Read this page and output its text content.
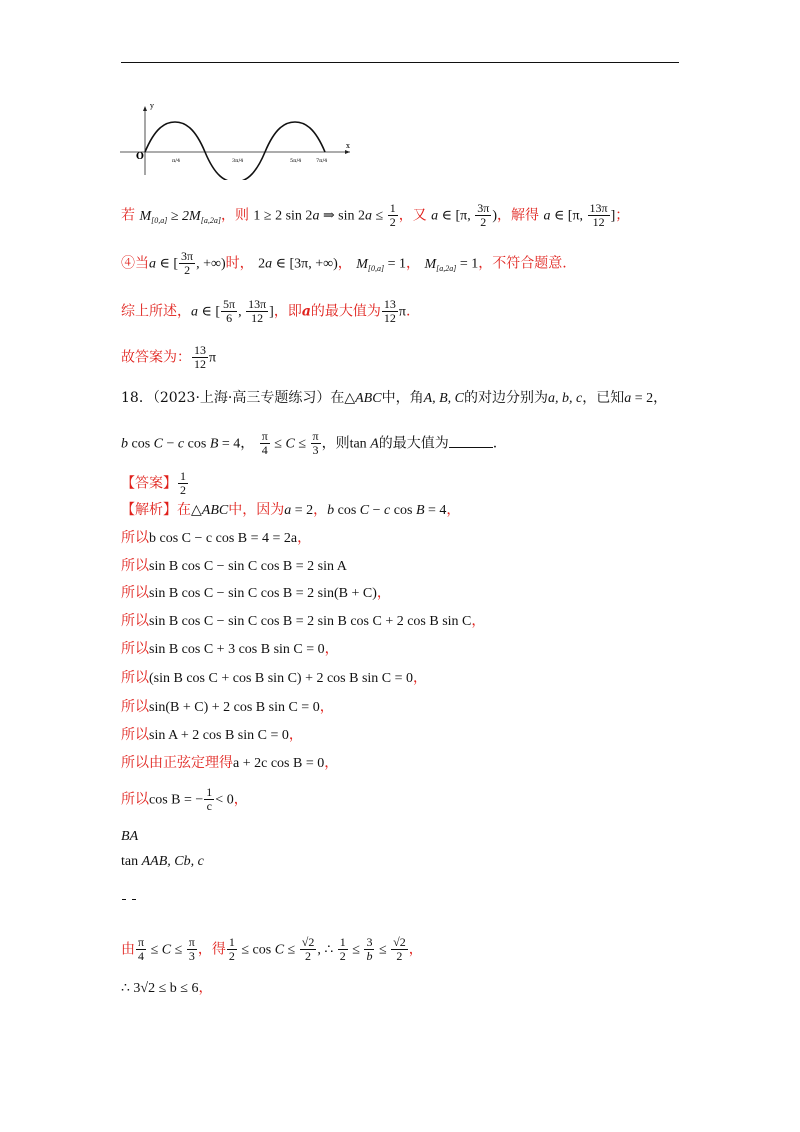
y
x
O	π/4	3π/4	5π/4	7π/4
若 $M_{[0,a]} \ge 2M_{[a,2a]}$，则 1 ≥ 2 sin 2a ⇒ $\sin 2a \le \frac{1}{2}$ ，又 a ∈ [π, $\frac{3\pi}{2}$ )，解得 a ∈ [π, $\frac{13\pi}{12}$ ]；
④当a ∈ [ $\frac{3\pi}{2}$ , +∞)时， 2a ∈ [3π, +∞)， $M_{[0,a]} = 1$， $M_{[a,2a]} = 1$，不符合题意.
综上所述，a ∈ [ $\frac{5\pi}{6}$ , $\frac{13\pi}{12}$ ]，即a的最大值为 $\frac{13}{12} \pi$.
故答案为： $\frac{13}{12}$ π
18．（2023·上海·高三专题练习）在△ABC中，角A, B, C的对边分别为a, b, c，已知a = 2，
b cos C − c cos B = 4， $\frac{\pi}{4} \le C \le \frac{\pi}{3}$ ，则tan A的最大值为	.
【答案】 $\frac{1}{2}$
【解析】在△ABC中，因为a = 2，b cos C − c cos B = 4，
所以b cos C − c cos B = 4 = 2a，
所以sin B cos C − sin C cos B = 2 sin A
所以sin B cos C − sin C cos B = 2 sin(B + C)，
所以sin B cos C − sin C cos B = 2 sin B cos C + 2 cos B sin C，
所以sin B cos C + 3 cos B sin C = 0，
所以(sin B cos C + cos B sin C) + 2 cos B sin C = 0，
所以sin(B + C) + 2 cos B sin C = 0，
所以sin A + 2 cos B sin C = 0，
所以由正弦定理得a + 2c cos B = 0，
所以cos B = − $\frac{1}{c} < 0$，
BA
tan AAB, Cb, c

由 $\frac{\pi}{4} \le C \le \frac{\pi}{3}$ ，得 $\frac{1}{2} \le \cos C \le \frac{√2}{2}$ , ∴ $\frac{1}{2} \le \frac{3}{b} \le \frac{√2}{2}$ ，
∴ 3√2 ≤ b ≤ 6，
